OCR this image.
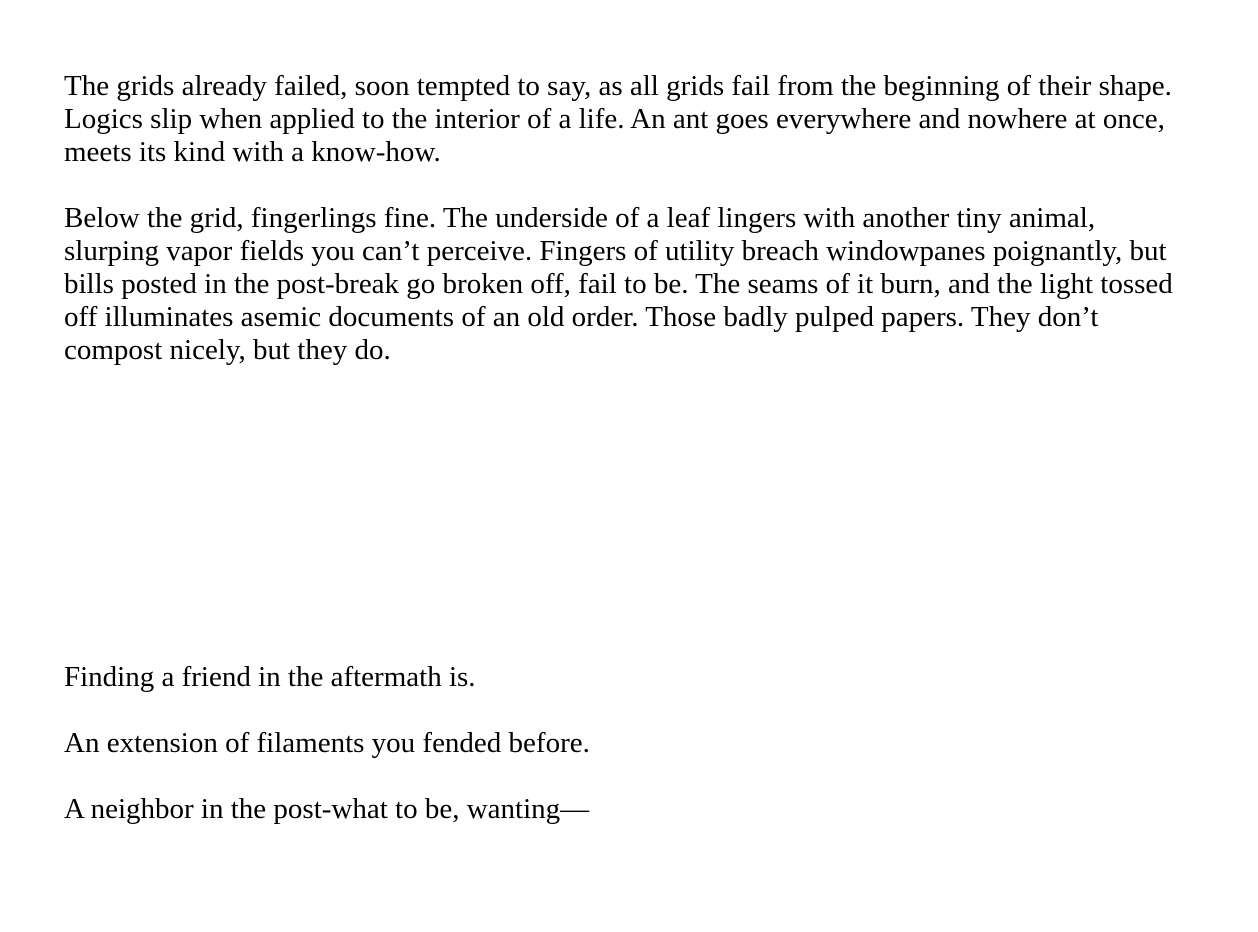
The grids already failed, soon tempted to say, as all grids fail from the beginning of their shape. Logics slip when applied to the interior of a life. An ant goes everywhere and nowhere at once, meets its kind with a know-how.

Below the grid, fingerlings fine. The underside of a leaf lingers with another tiny animal, slurping vapor fields you can’t perceive. Fingers of utility breach windowpanes poignantly, but bills posted in the post-break go broken off, fail to be. The seams of it burn, and the light tossed off illuminates asemic documents of an old order. Those badly pulped papers. They don’t compost nicely, but they do.

Finding a friend in the aftermath is.

An extension of filaments you fended before.

A neighbor in the post-what to be, wanting—
